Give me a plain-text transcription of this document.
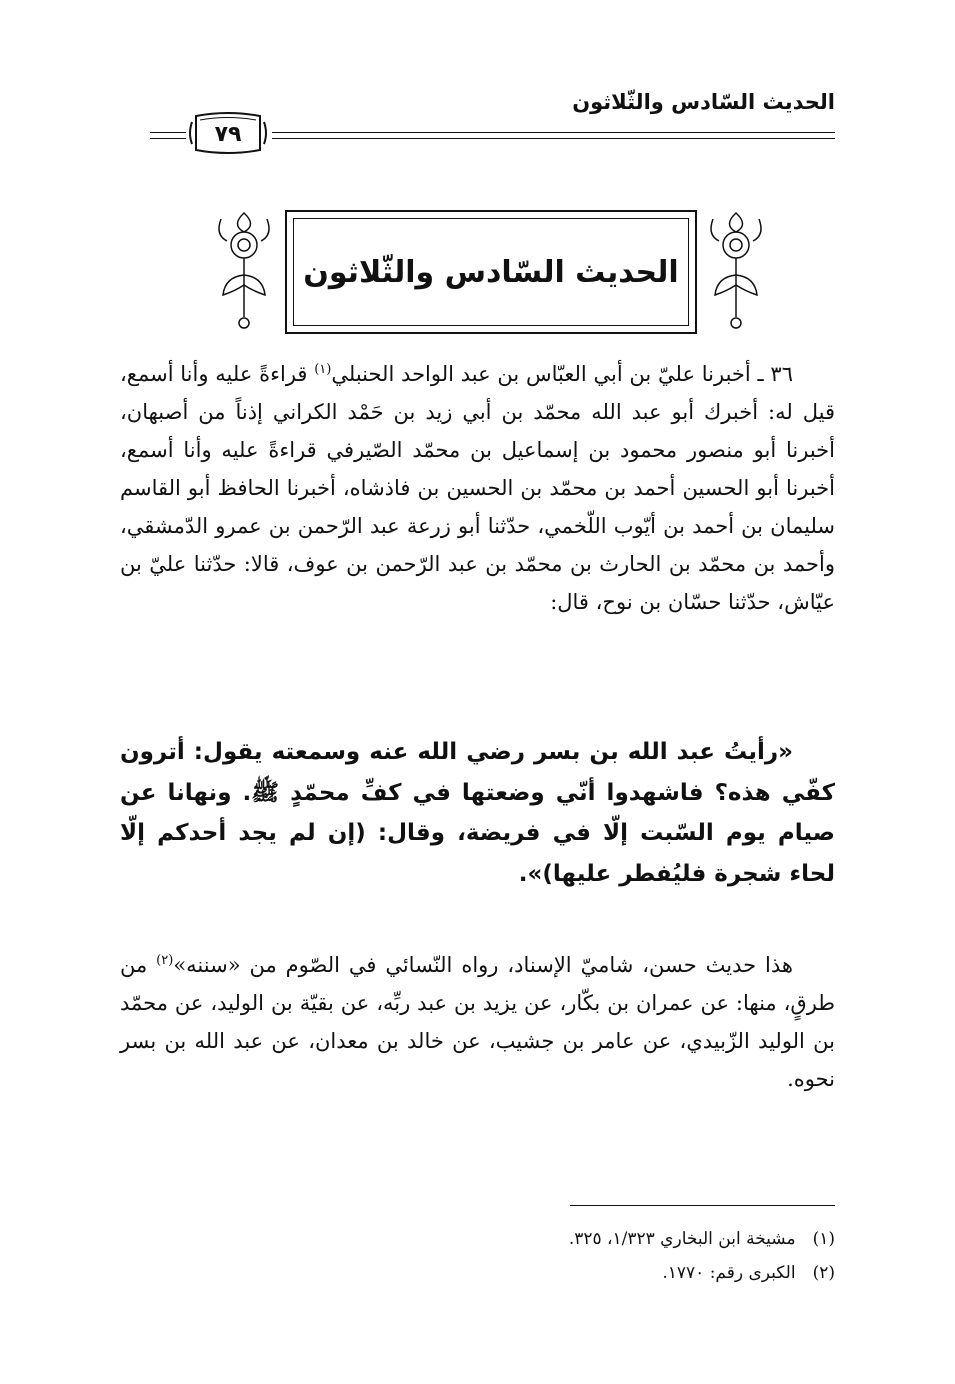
الحديث السّادس والثّلاثون
٧٩
الحديث السّادس والثّلاثون

٣٦ ـ أخبرنا عليّ بن أبي العبّاس بن عبد الواحد الحنبلي$^{(١)}$ قراءةً عليه وأنا أسمع، قيل له: أخبرك أبو عبد الله محمّد بن أبي زيد بن حَمْد الكراني إذناً من أصبهان، أخبرنا أبو منصور محمود بن إسماعيل بن محمّد الصّيرفي قراءةً عليه وأنا أسمع، أخبرنا أبو الحسين أحمد بن محمّد بن الحسين بن فاذشاه، أخبرنا الحافظ أبو القاسم سليمان بن أحمد بن أيّوب اللّخمي، حدّثنا أبو زرعة عبد الرّحمن بن عمرو الدّمشقي، وأحمد بن محمّد بن الحارث بن محمّد بن عبد الرّحمن بن عوف، قالا: حدّثنا عليّ بن عيّاش، حدّثنا حسّان بن نوح، قال:

«رأيتُ عبد الله بن بسر رضي الله عنه وسمعته يقول: أترون كفّي هذه؟ فاشهدوا أنّي وضعتها في كفِّ محمّدٍ ﷺ. ونهانا عن صيام يوم السّبت إلّا في فريضة، وقال: (إن لم يجد أحدكم إلّا لحاء شجرة فليُفطر عليها)».

هذا حديث حسن، شاميّ الإسناد، رواه النّسائي في الصّوم من «سننه»$^{(٢)}$ من طرقٍ، منها: عن عمران بن بكّار، عن يزيد بن عبد ربِّه، عن بقيّة بن الوليد، عن محمّد بن الوليد الزّبيدي، عن عامر بن جشيب، عن خالد بن معدان، عن عبد الله بن بسر نحوه.

(١) مشيخة ابن البخاري ١/٣٢٣، ٣٢٥.
(٢) الكبرى رقم: ١٧٧٠.
